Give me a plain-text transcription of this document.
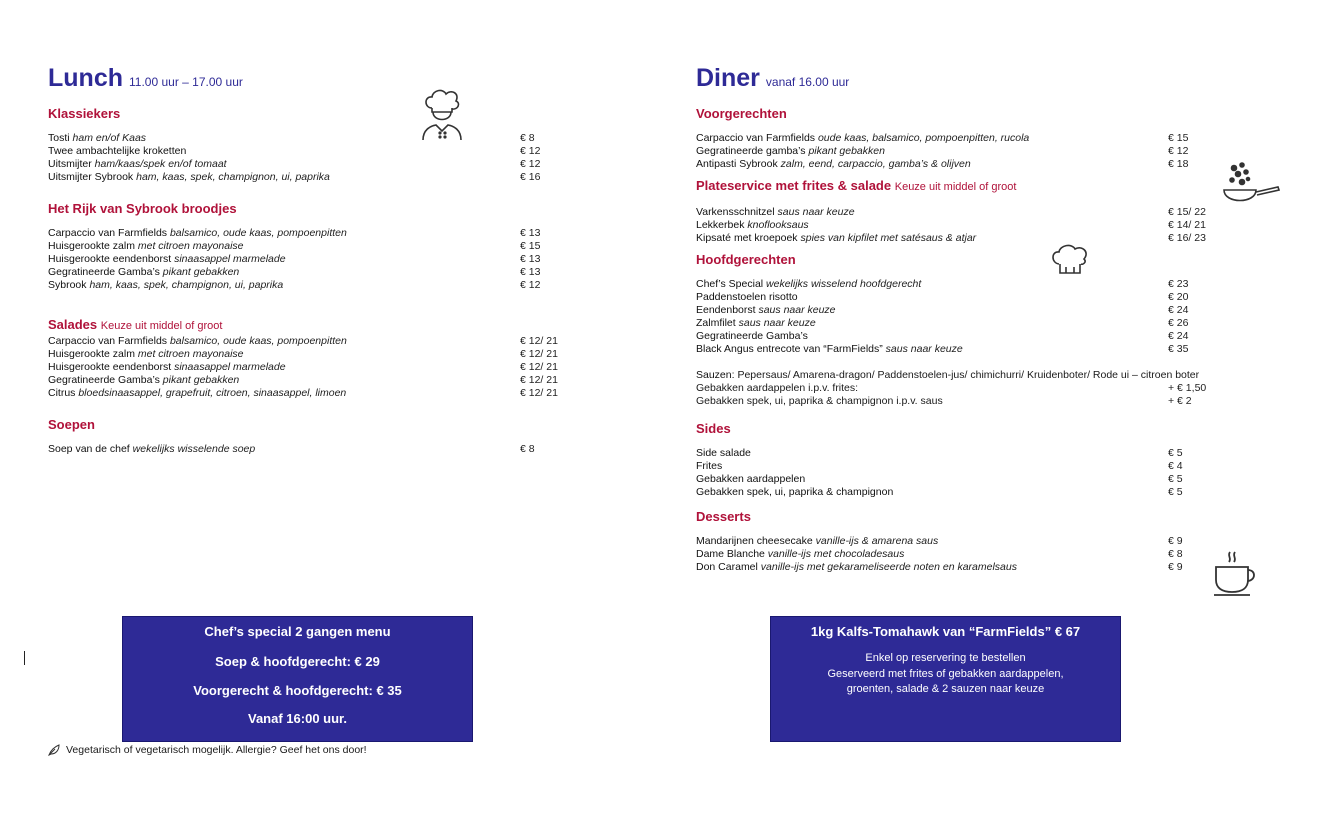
Lunch 11.00 uur – 17.00 uur
Klassiekers
Tosti ham en/of Kaas	€ 8
Twee ambachtelijke kroketten	€ 12
Uitsmijter ham/kaas/spek en/of tomaat	€ 12
Uitsmijter Sybrook ham, kaas, spek, champignon, ui, paprika	€ 16
Het Rijk van Sybrook broodjes
Carpaccio van Farmfields balsamico, oude kaas, pompoenpitten	€ 13
Huisgerookte zalm met citroen mayonaise	€ 15
Huisgerookte eendenborst sinaasappel marmelade	€ 13
Gegratineerde Gamba’s pikant gebakken	€ 13
Sybrook ham, kaas, spek, champignon, ui, paprika	€ 12
Salades Keuze uit middel of groot
Carpaccio van Farmfields balsamico, oude kaas, pompoenpitten	€ 12/ 21
Huisgerookte zalm met citroen mayonaise	€ 12/ 21
Huisgerookte eendenborst sinaasappel marmelade	€ 12/ 21
Gegratineerde Gamba’s pikant gebakken	€ 12/ 21
Citrus bloedsinaasappel, grapefruit, citroen, sinaasappel, limoen	€ 12/ 21
Soepen
Soep van de chef wekelijks wisselende soep	€ 8
Diner vanaf 16.00 uur
Voorgerechten
Carpaccio van Farmfields oude kaas, balsamico, pompoenpitten, rucola	€ 15
Gegratineerde gamba’s pikant gebakken	€ 12
Antipasti Sybrook zalm, eend, carpaccio, gamba’s & olijven	€ 18
Plateservice met frites & salade Keuze uit middel of groot
Varkensschnitzel saus naar keuze	€ 15/ 22
Lekkerbek knoflooksaus	€ 14/ 21
Kipsaté met kroepoek spies van kipfilet met satésaus & atjar	€ 16/ 23
Hoofdgerechten
Chef’s Special wekelijks wisselend hoofdgerecht	€ 23
Paddenstoelen risotto	€ 20
Eendenborst saus naar keuze	€ 24
Zalmfilet saus naar keuze	€ 26
Gegratineerde Gamba’s	€ 24
Black Angus entrecote van “FarmFields” saus naar keuze	€ 35
Sauzen: Pepersaus/ Amarena-dragon/ Paddenstoelen-jus/ chimichurri/ Kruidenboter/ Rode ui – citroen boter
Gebakken aardappelen i.p.v. frites:	+ € 1,50
Gebakken spek, ui, paprika & champignon i.p.v. saus	+ € 2
Sides
Side salade	€ 5
Frites	€ 4
Gebakken aardappelen	€ 5
Gebakken spek, ui, paprika & champignon	€ 5
Desserts
Mandarijnen cheesecake vanille-ijs & amarena saus	€ 9
Dame Blanche vanille-ijs met chocoladesaus	€ 8
Don Caramel vanille-ijs met gekarameliseerde noten en karamelsaus	€ 9
Chef’s special 2 gangen menu
Soep & hoofdgerecht: € 29
Voorgerecht & hoofdgerecht: € 35
Vanaf 16:00 uur.
1kg Kalfs-Tomahawk van “FarmFields” € 67
Enkel op reservering te bestellen
Geserveerd met frites of gebakken aardappelen,
groenten, salade & 2 sauzen naar keuze
Vegetarisch of vegetarisch mogelijk. Allergie? Geef het ons door!
